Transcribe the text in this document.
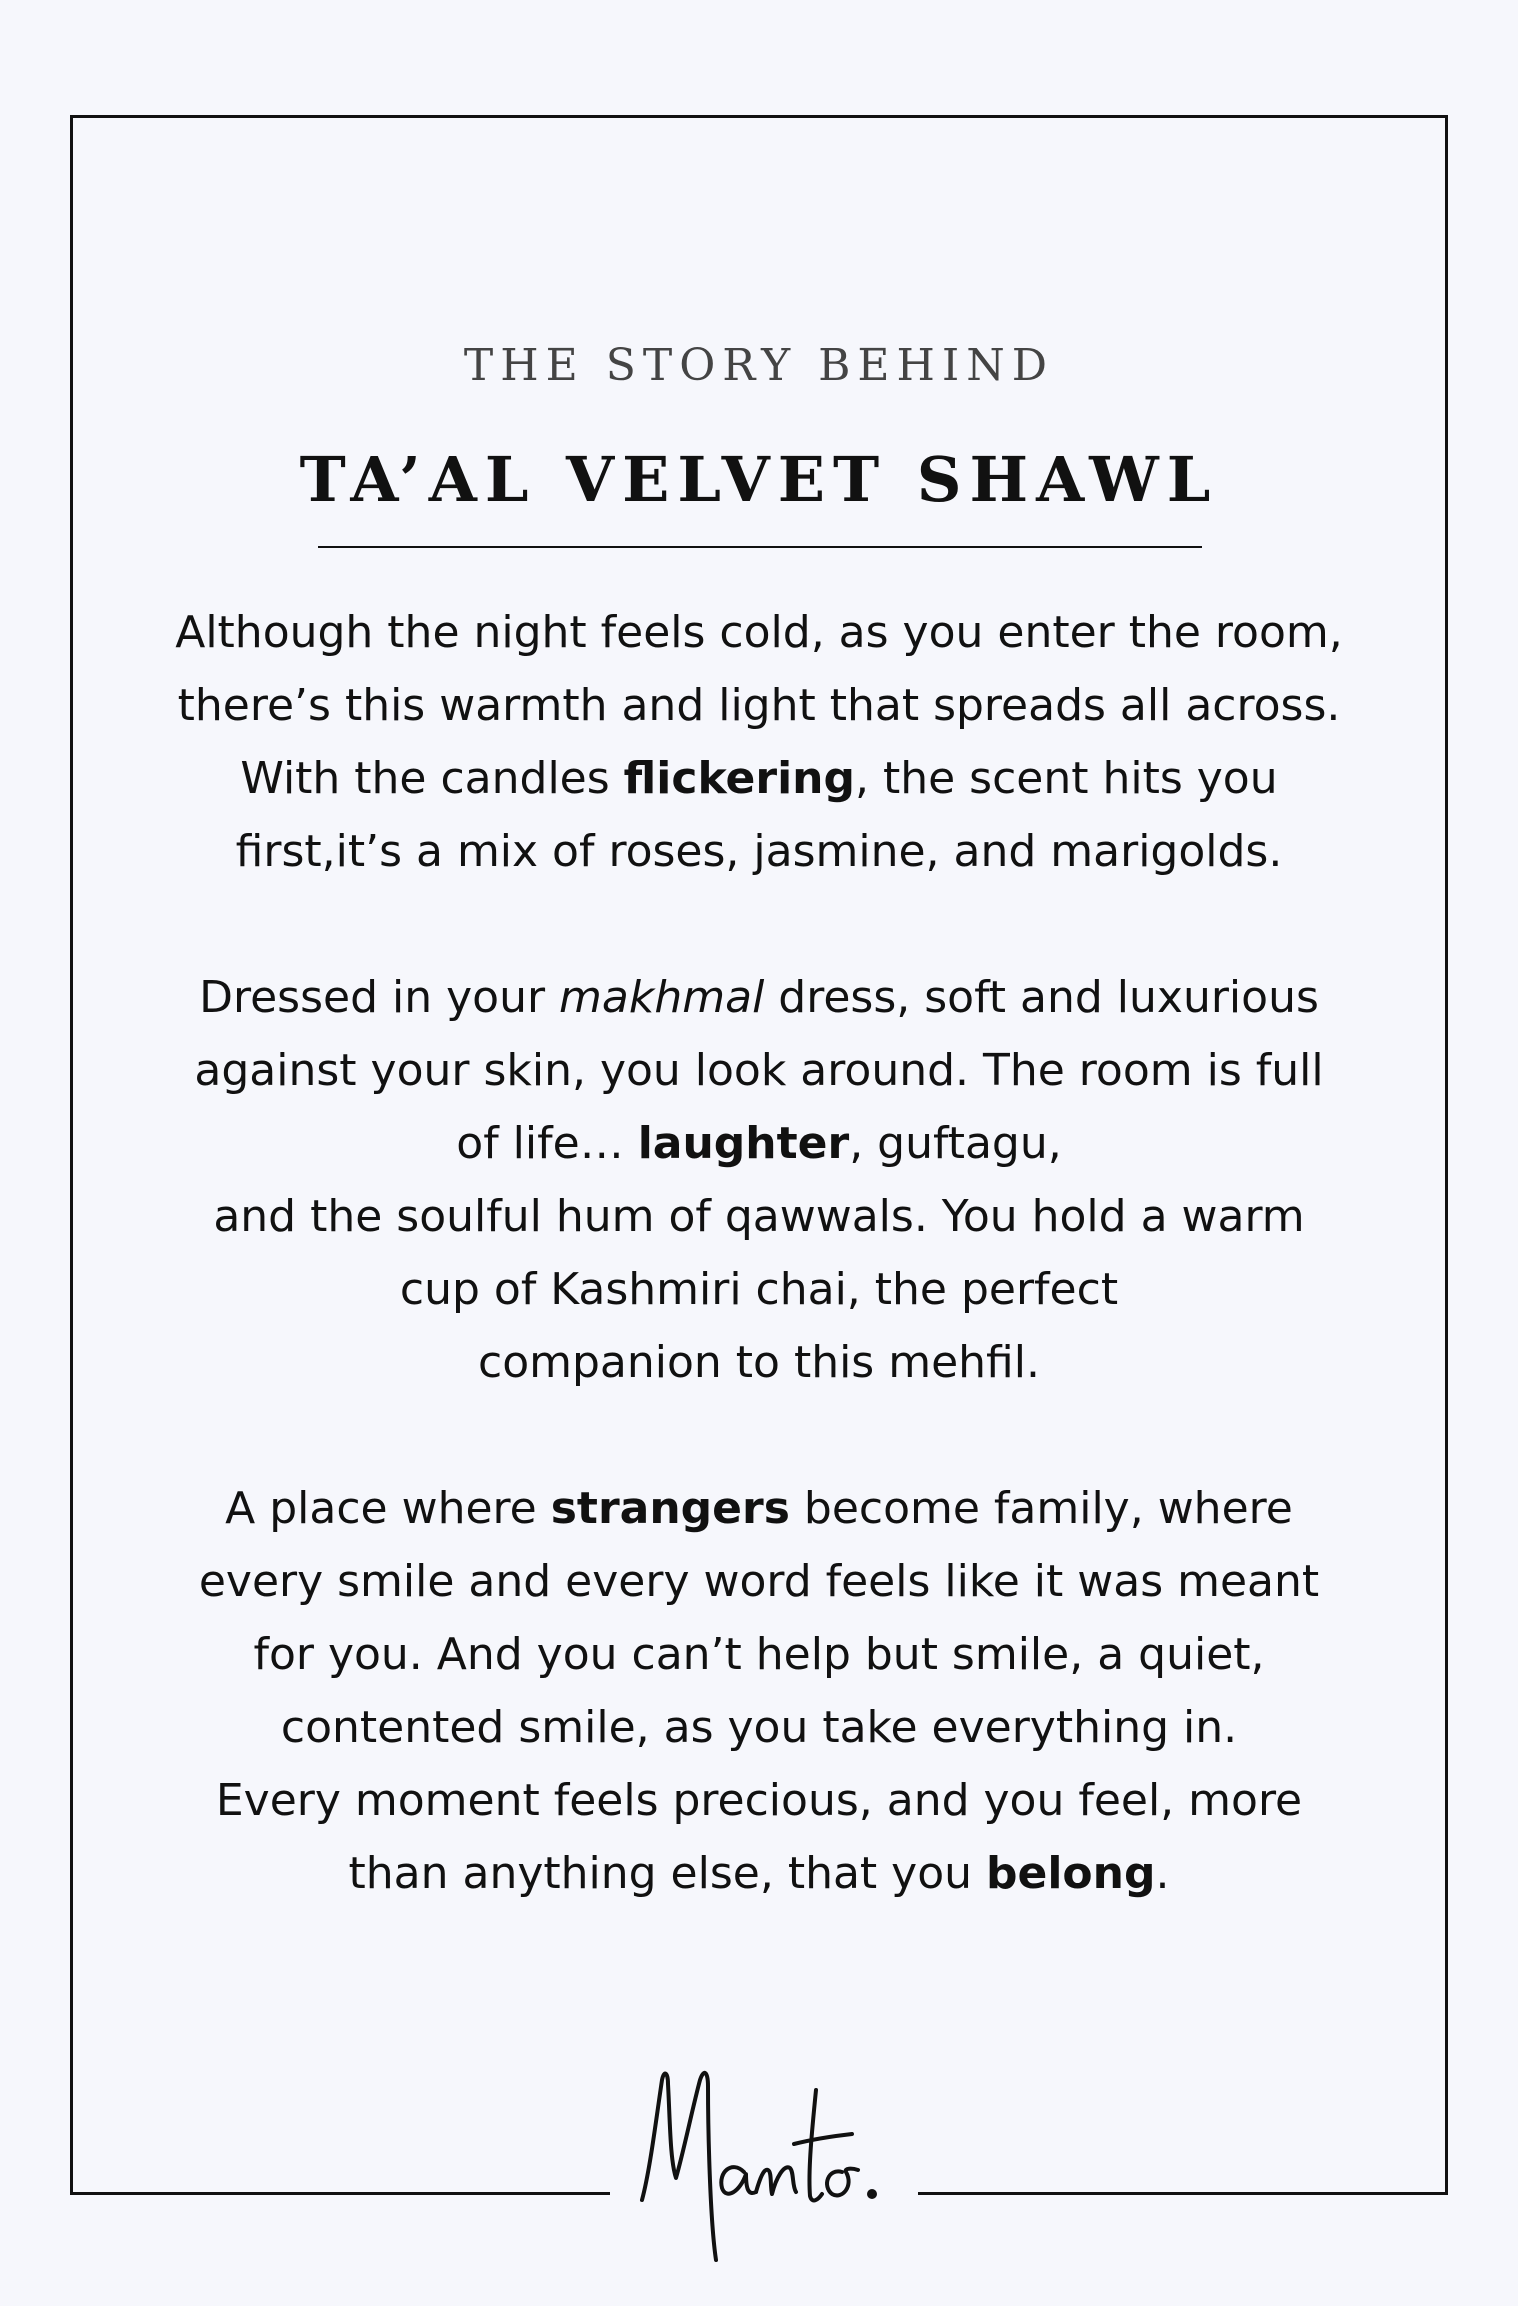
THE STORY BEHIND
TA’AL VELVET SHAWL

Although the night feels cold, as you enter the room,

there’s this warmth and light that spreads all across.

With the candles flickering, the scent hits you

first,it’s a mix of roses, jasmine, and marigolds.

Dressed in your makhmal dress, soft and luxurious

against your skin, you look around. The room is full

of life… laughter, guftagu,

and the soulful hum of qawwals. You hold a warm

cup of Kashmiri chai, the perfect

companion to this mehfil.

A place where strangers become family, where

every smile and every word feels like it was meant

for you. And you can’t help but smile, a quiet,

contented smile, as you take everything in.

Every moment feels precious, and you feel, more

than anything else, that you belong.
